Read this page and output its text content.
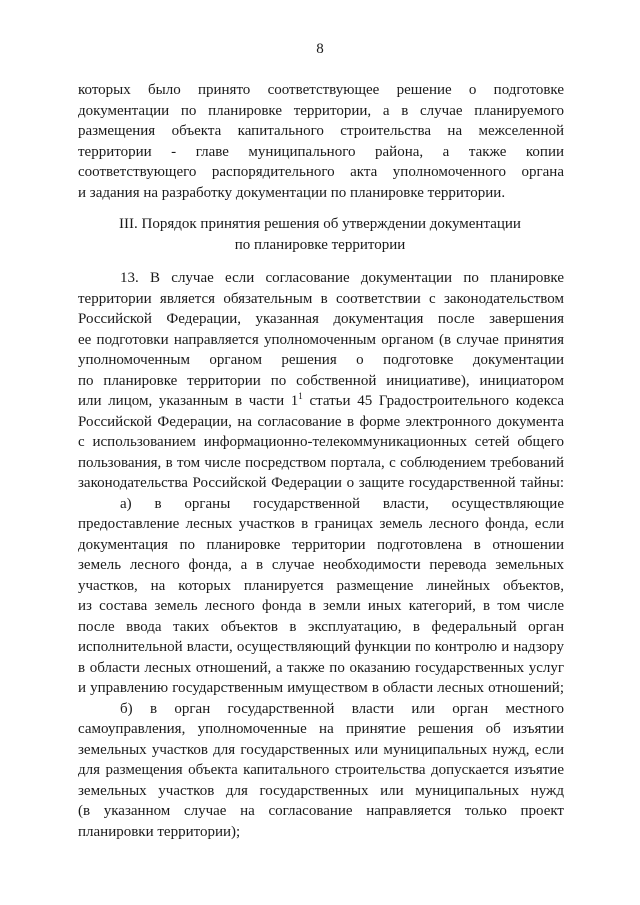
8
которых было принято соответствующее решение о подготовке
документации по планировке территории, а в случае планируемого
размещения объекта капитального строительства на межселенной
территории - главе муниципального района, а также копии
соответствующего распорядительного акта уполномоченного органа
и задания на разработку документации по планировке территории.
III. Порядок принятия решения об утверждении документации
по планировке территории
13. В случае если согласование документации по планировке
территории является обязательным в соответствии с законодательством
Российской Федерации, указанная документация после завершения
ее подготовки направляется уполномоченным органом (в случае принятия
уполномоченным органом решения о подготовке документации
по планировке территории по собственной инициативе), инициатором
или лицом, указанным в части $1^1$ статьи 45 Градостроительного кодекса
Российской Федерации, на согласование в форме электронного документа
с использованием информационно-телекоммуникационных сетей общего
пользования, в том числе посредством портала, с соблюдением требований
законодательства Российской Федерации о защите государственной тайны:
а) в органы государственной власти, осуществляющие
предоставление лесных участков в границах земель лесного фонда, если
документация по планировке территории подготовлена в отношении
земель лесного фонда, а в случае необходимости перевода земельных
участков, на которых планируется размещение линейных объектов,
из состава земель лесного фонда в земли иных категорий, в том числе
после ввода таких объектов в эксплуатацию, в федеральный орган
исполнительной власти, осуществляющий функции по контролю и надзору
в области лесных отношений, а также по оказанию государственных услуг
и управлению государственным имуществом в области лесных отношений;
б) в орган государственной власти или орган местного
самоуправления, уполномоченные на принятие решения об изъятии
земельных участков для государственных или муниципальных нужд, если
для размещения объекта капитального строительства допускается изъятие
земельных участков для государственных или муниципальных нужд
(в указанном случае на согласование направляется только проект
планировки территории);
